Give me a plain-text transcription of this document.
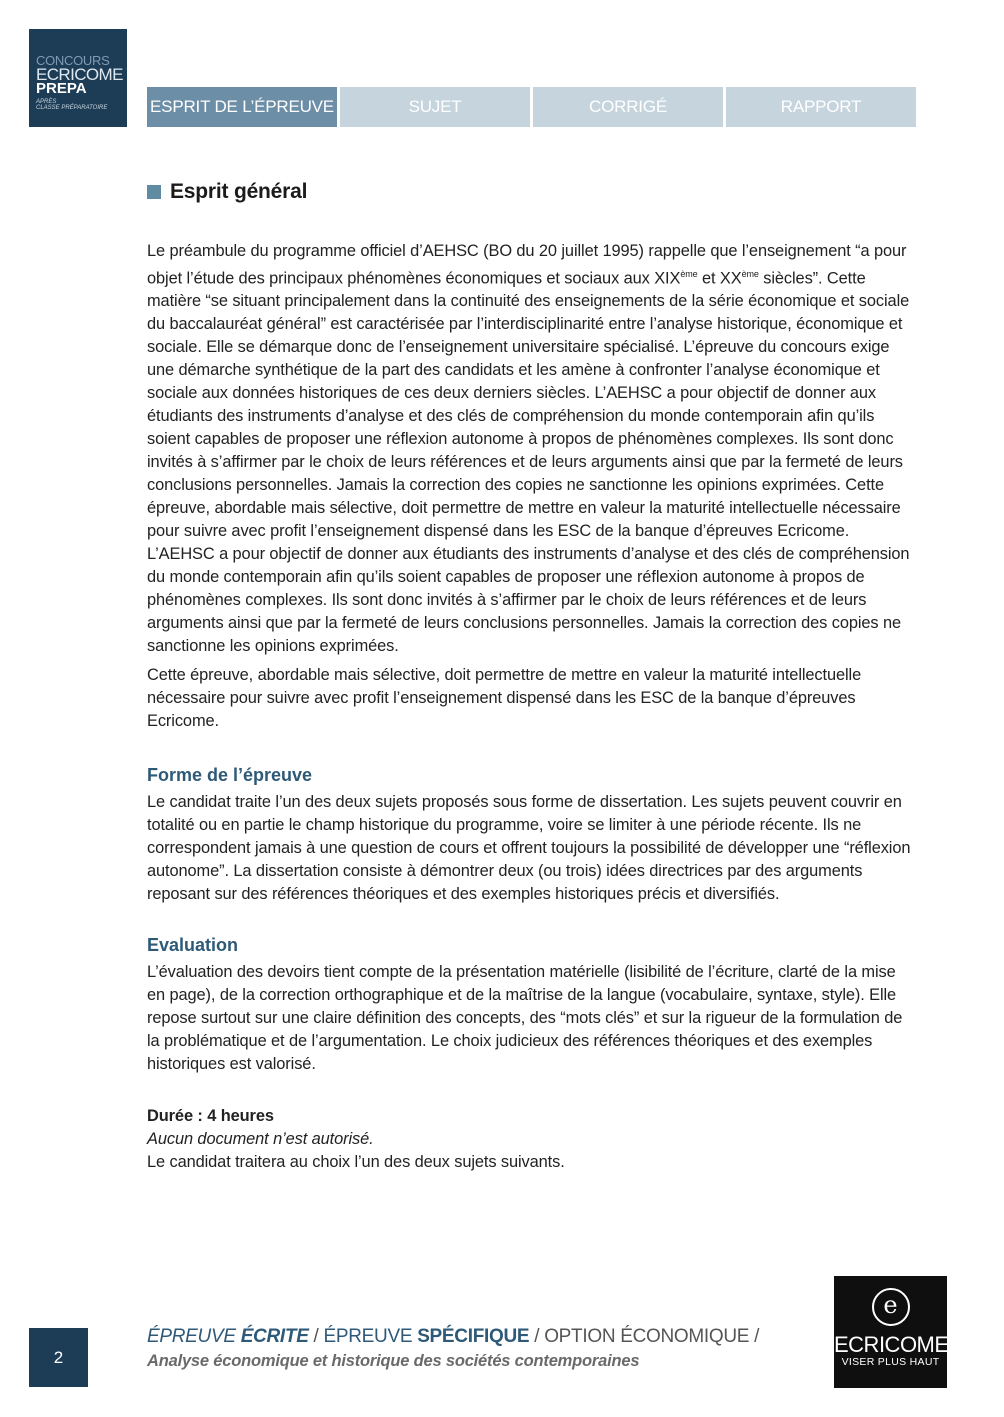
CONCOURS
ECRICOME
PREPA
APRÈS
CLASSE PRÉPARATOIRE	ESPRIT DE L’ÉPREUVE	SUJET	CORRIGÉ	RAPPORT
Esprit général

Le préambule du programme officiel d’AEHSC (BO du 20 juillet 1995) rappelle que l’enseignement “a pour objet l’étude des principaux phénomènes économiques et sociaux aux XIXème et XXème siècles”. Cette matière “se situant principalement dans la continuité des enseignements de la série économique et sociale du baccalauréat général” est caractérisée par l’interdisciplinarité entre l’analyse historique, économique et sociale. Elle se démarque donc de l’enseignement universitaire spécialisé. L’épreuve du concours exige une démarche synthétique de la part des candidats et les amène à confronter l’analyse économique et sociale aux données historiques de ces deux derniers siècles. L’AEHSC a pour objectif de donner aux étudiants des instruments d’analyse et des clés de compréhension du monde contemporain afin qu’ils soient capables de proposer une réflexion autonome à propos de phénomènes complexes. Ils sont donc invités à s’affirmer par le choix de leurs références et de leurs arguments ainsi que par la fermeté de leurs conclusions personnelles. Jamais la correction des copies ne sanctionne les opinions exprimées. Cette épreuve, abordable mais sélective, doit permettre de mettre en valeur la maturité intellectuelle nécessaire pour suivre avec profit l’enseignement dispensé dans les ESC de la banque d’épreuves Ecricome. L’AEHSC a pour objectif de donner aux étudiants des instruments d’analyse et des clés de compréhension du monde contemporain afin qu’ils soient capables de proposer une réflexion autonome à propos de phénomènes complexes. Ils sont donc invités à s’affirmer par le choix de leurs références et de leurs arguments ainsi que par la fermeté de leurs conclusions personnelles. Jamais la correction des copies ne sanctionne les opinions exprimées.

Cette épreuve, abordable mais sélective, doit permettre de mettre en valeur la maturité intellectuelle nécessaire pour suivre avec profit l’enseignement dispensé dans les ESC de la banque d’épreuves Ecricome.

Forme de l’épreuve

Le candidat traite l’un des deux sujets proposés sous forme de dissertation. Les sujets peuvent couvrir en totalité ou en partie le champ historique du programme, voire se limiter à une période récente. Ils ne correspondent jamais à une question de cours et offrent toujours la possibilité de développer une “réflexion autonome”. La dissertation consiste à démontrer deux (ou trois) idées directrices par des arguments reposant sur des références théoriques et des exemples historiques précis et diversifiés.

Evaluation

L’évaluation des devoirs tient compte de la présentation matérielle (lisibilité de l’écriture, clarté de la mise en page), de la correction orthographique et de la maîtrise de la langue (vocabulaire, syntaxe, style). Elle repose surtout sur une claire définition des concepts, des “mots clés” et sur la rigueur de la formulation de la problématique et de l’argumentation. Le choix judicieux des références théoriques et des exemples historiques est valorisé.

Durée : 4 heures
Aucun document n’est autorisé.
Le candidat traitera au choix l’un des deux sujets suivants.

2
ÉPREUVE ÉCRITE / ÉPREUVE SPÉCIFIQUE / OPTION ÉCONOMIQUE /
Analyse économique et historique des sociétés contemporaines
e
ECRICOME
VISER PLUS HAUT
